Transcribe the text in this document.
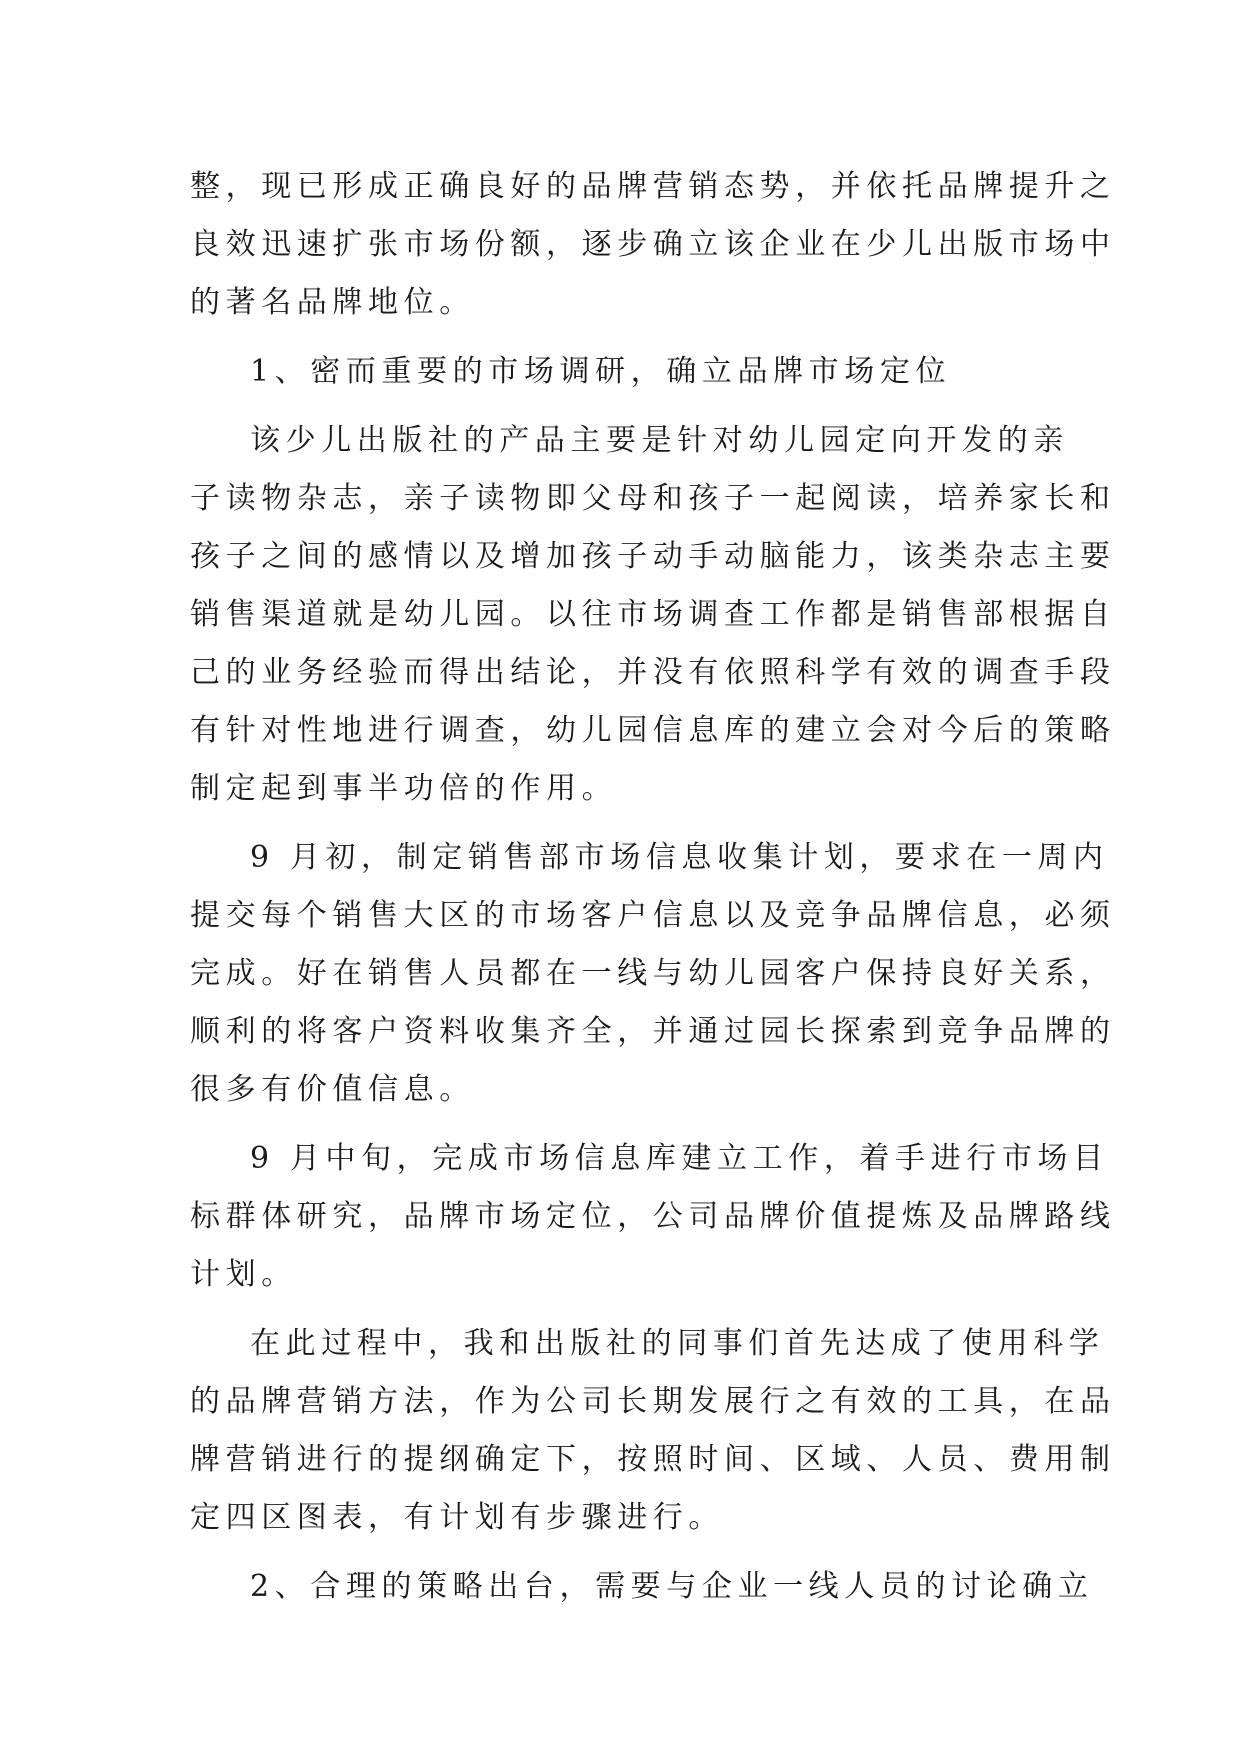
整，现已形成正确良好的品牌营销态势，并依托品牌提升之
良效迅速扩张市场份额，逐步确立该企业在少儿出版市场中
的著名品牌地位。
1、密而重要的市场调研，确立品牌市场定位
该少儿出版社的产品主要是针对幼儿园定向开发的亲
子读物杂志，亲子读物即父母和孩子一起阅读，培养家长和
孩子之间的感情以及增加孩子动手动脑能力，该类杂志主要
销售渠道就是幼儿园。以往市场调查工作都是销售部根据自
己的业务经验而得出结论，并没有依照科学有效的调查手段
有针对性地进行调查，幼儿园信息库的建立会对今后的策略
制定起到事半功倍的作用。
9 月初，制定销售部市场信息收集计划，要求在一周内
提交每个销售大区的市场客户信息以及竞争品牌信息，必须
完成。好在销售人员都在一线与幼儿园客户保持良好关系，
顺利的将客户资料收集齐全，并通过园长探索到竞争品牌的
很多有价值信息。
9 月中旬，完成市场信息库建立工作，着手进行市场目
标群体研究，品牌市场定位，公司品牌价值提炼及品牌路线
计划。
在此过程中，我和出版社的同事们首先达成了使用科学
的品牌营销方法，作为公司长期发展行之有效的工具，在品
牌营销进行的提纲确定下，按照时间、区域、人员、费用制
定四区图表，有计划有步骤进行。
2、合理的策略出台，需要与企业一线人员的讨论确立
